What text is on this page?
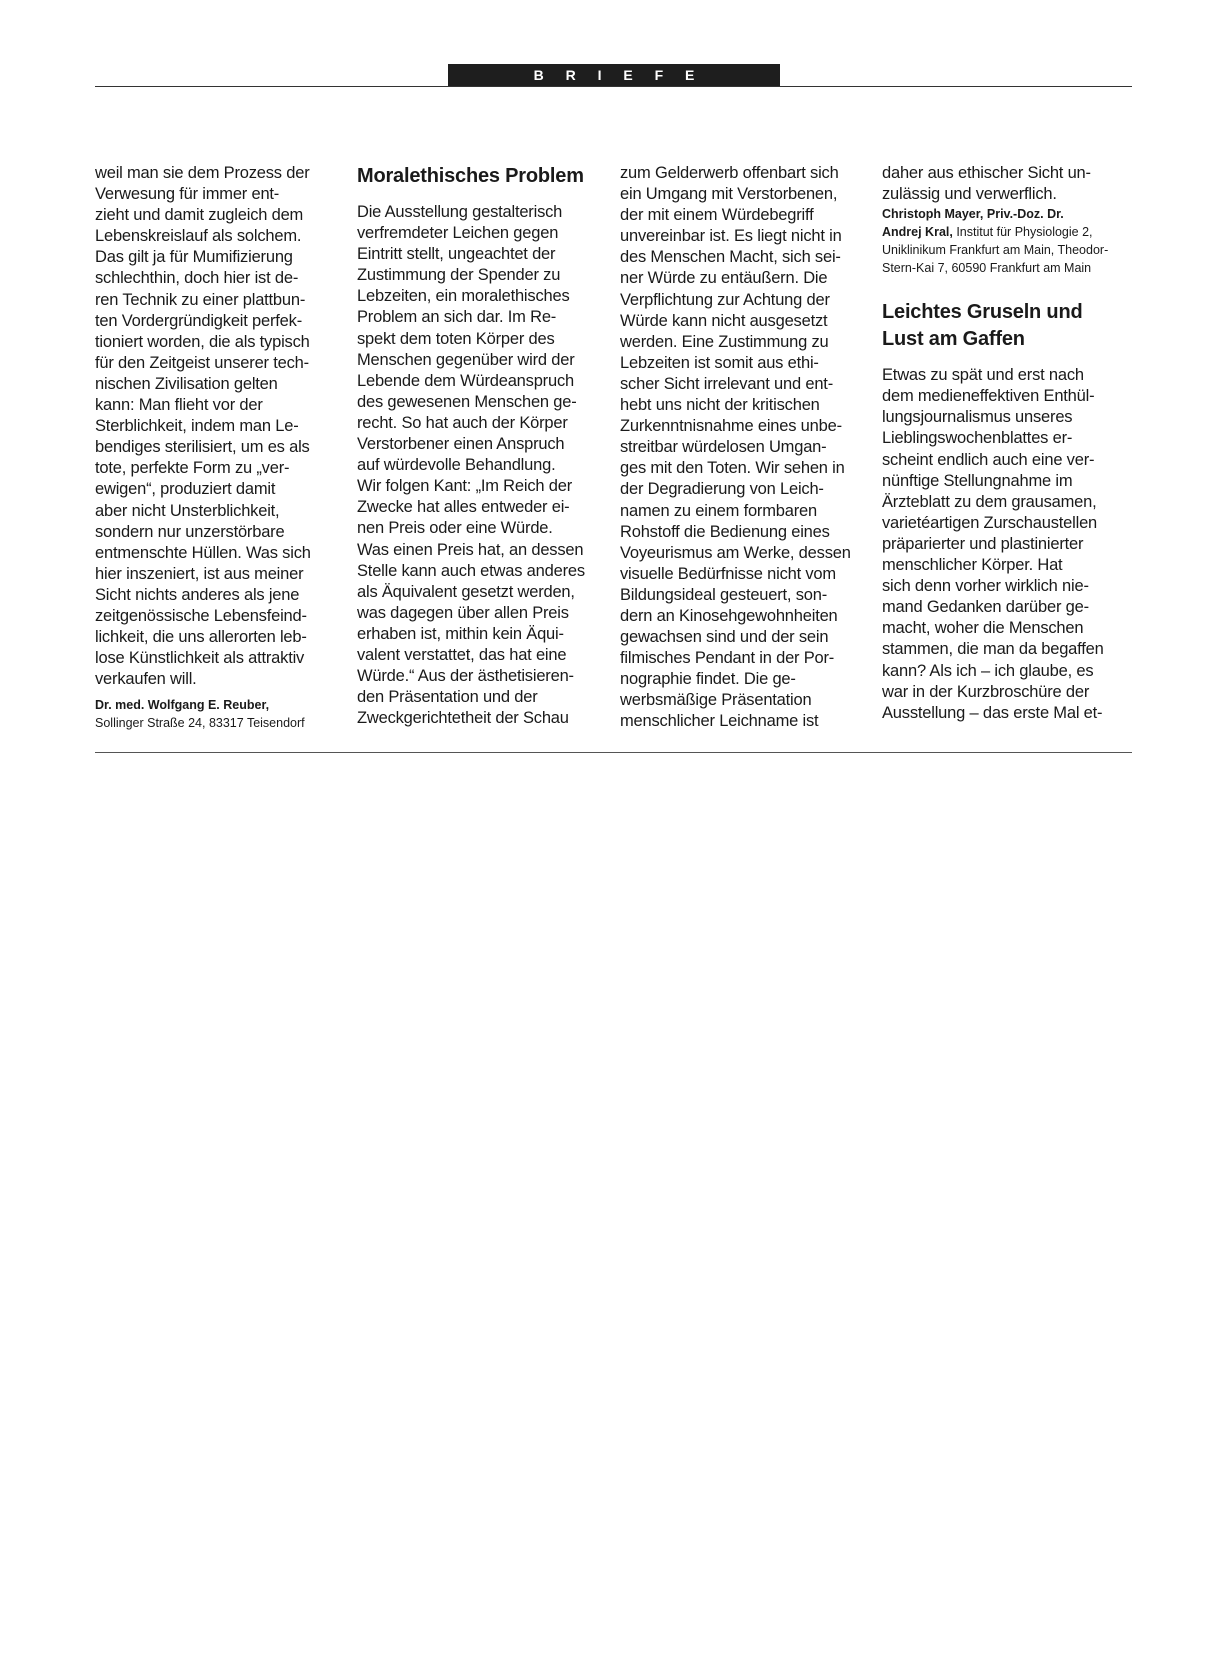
B R I E F E
weil man sie dem Prozess der
Verwesung für immer ent-
zieht und damit zugleich dem
Lebenskreislauf als solchem.
Das gilt ja für Mumifizierung
schlechthin, doch hier ist de-
ren Technik zu einer plattbun-
ten Vordergründigkeit perfek-
tioniert worden, die als typisch
für den Zeitgeist unserer tech-
nischen Zivilisation gelten
kann: Man flieht vor der
Sterblichkeit, indem man Le-
bendiges sterilisiert, um es als
tote, perfekte Form zu „ver-
ewigen“, produziert damit
aber nicht Unsterblichkeit,
sondern nur unzerstörbare
entmenschte Hüllen. Was sich
hier inszeniert, ist aus meiner
Sicht nichts anderes als jene
zeitgenössische Lebensfeind-
lichkeit, die uns allerorten leb-
lose Künstlichkeit als attraktiv
verkaufen will.
Dr. med. Wolfgang E. Reuber,
Sollinger Straße 24, 83317 Teisendorf
Moralethisches Problem
Die Ausstellung gestalterisch
verfremdeter Leichen gegen
Eintritt stellt, ungeachtet der
Zustimmung der Spender zu
Lebzeiten, ein moralethisches
Problem an sich dar. Im Re-
spekt dem toten Körper des
Menschen gegenüber wird der
Lebende dem Würdeanspruch
des gewesenen Menschen ge-
recht. So hat auch der Körper
Verstorbener einen Anspruch
auf würdevolle Behandlung.
Wir folgen Kant: „Im Reich der
Zwecke hat alles entweder ei-
nen Preis oder eine Würde.
Was einen Preis hat, an dessen
Stelle kann auch etwas anderes
als Äquivalent gesetzt werden,
was dagegen über allen Preis
erhaben ist, mithin kein Äqui-
valent verstattet, das hat eine
Würde.“ Aus der ästhetisieren-
den Präsentation und der
Zweckgerichtetheit der Schau
zum Gelderwerb offenbart sich
ein Umgang mit Verstorbenen,
der mit einem Würdebegriff
unvereinbar ist. Es liegt nicht in
des Menschen Macht, sich sei-
ner Würde zu entäußern. Die
Verpflichtung zur Achtung der
Würde kann nicht ausgesetzt
werden. Eine Zustimmung zu
Lebzeiten ist somit aus ethi-
scher Sicht irrelevant und ent-
hebt uns nicht der kritischen
Zurkenntnisnahme eines unbe-
streitbar würdelosen Umgan-
ges mit den Toten. Wir sehen in
der Degradierung von Leich-
namen zu einem formbaren
Rohstoff die Bedienung eines
Voyeurismus am Werke, dessen
visuelle Bedürfnisse nicht vom
Bildungsideal gesteuert, son-
dern an Kinosehgewohnheiten
gewachsen sind und der sein
filmisches Pendant in der Por-
nographie findet. Die ge-
werbsmäßige Präsentation
menschlicher Leichname ist
daher aus ethischer Sicht un-
zulässig und verwerflich.
Christoph Mayer, Priv.-Doz. Dr.
Andrej Kral, Institut für Physiologie 2,
Uniklinikum Frankfurt am Main, Theodor-
Stern-Kai 7, 60590 Frankfurt am Main
Leichtes Gruseln und
Lust am Gaffen
Etwas zu spät und erst nach
dem medieneffektiven Enthül-
lungsjournalismus unseres
Lieblingswochenblattes er-
scheint endlich auch eine ver-
nünftige Stellungnahme im
Ärzteblatt zu dem grausamen,
varietéartigen Zurschaustellen
präparierter und plastinierter
menschlicher Körper. Hat
sich denn vorher wirklich nie-
mand Gedanken darüber ge-
macht, woher die Menschen
stammen, die man da begaffen
kann? Als ich – ich glaube, es
war in der Kurzbroschüre der
Ausstellung – das erste Mal et-
